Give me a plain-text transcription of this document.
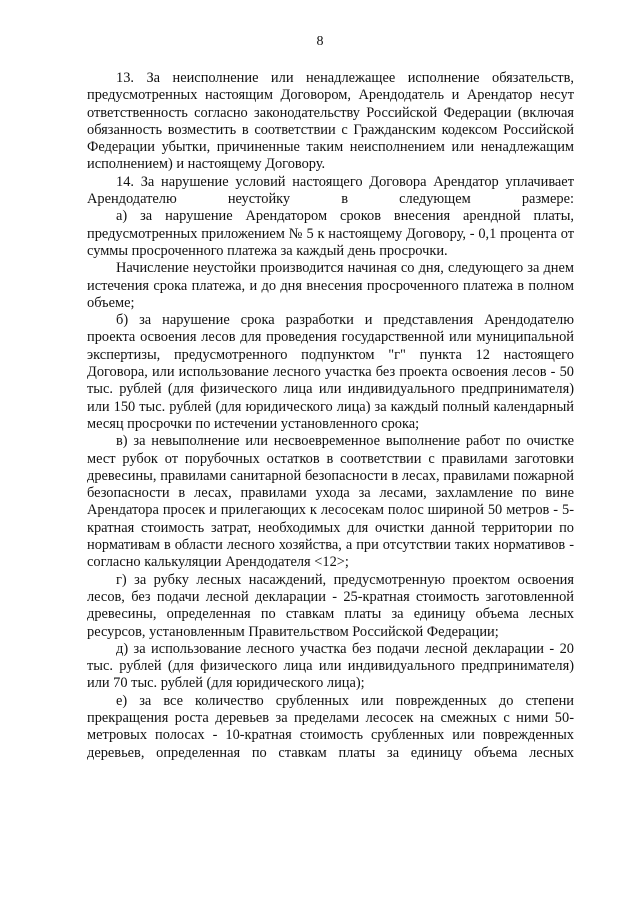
8

13. За неисполнение или ненадлежащее исполнение обязательств, предусмотренных настоящим Договором, Арендодатель и Арендатор несут ответственность согласно законодательству Российской Федерации (включая обязанность возместить в соответствии с Гражданским кодексом Российской Федерации убытки, причиненные таким неисполнением или ненадлежащим исполнением) и настоящему Договору.

14. За нарушение условий настоящего Договора Арендатор уплачивает Арендодателю неустойку в следующем размере:

а) за нарушение Арендатором сроков внесения арендной платы, предусмотренных приложением № 5 к настоящему Договору, - 0,1 процента от суммы просроченного платежа за каждый день просрочки.

Начисление неустойки производится начиная со дня, следующего за днем истечения срока платежа, и до дня внесения просроченного платежа в полном объеме;

б) за нарушение срока разработки и представления Арендодателю проекта освоения лесов для проведения государственной или муниципальной экспертизы, предусмотренного подпунктом "г" пункта 12 настоящего Договора, или использование лесного участка без проекта освоения лесов - 50 тыс. рублей (для физического лица или индивидуального предпринимателя) или 150 тыс. рублей (для юридического лица) за каждый полный календарный месяц просрочки по истечении установленного срока;

в) за невыполнение или несвоевременное выполнение работ по очистке мест рубок от порубочных остатков в соответствии с правилами заготовки древесины, правилами санитарной безопасности в лесах, правилами пожарной безопасности в лесах, правилами ухода за лесами, захламление по вине Арендатора просек и прилегающих к лесосекам полос шириной 50 метров - 5-кратная стоимость затрат, необходимых для очистки данной территории по нормативам в области лесного хозяйства, а при отсутствии таких нормативов - согласно калькуляции Арендодателя <12>;

г) за рубку лесных насаждений, предусмотренную проектом освоения лесов, без подачи лесной декларации - 25-кратная стоимость заготовленной древесины, определенная по ставкам платы за единицу объема лесных ресурсов, установленным Правительством Российской Федерации;

д) за использование лесного участка без подачи лесной декларации - 20 тыс. рублей (для физического лица или индивидуального предпринимателя) или 70 тыс. рублей (для юридического лица);

е) за все количество срубленных или поврежденных до степени прекращения роста деревьев за пределами лесосек на смежных с ними 50-метровых полосах - 10-кратная стоимость срубленных или поврежденных деревьев, определенная по ставкам платы за единицу объема лесных
